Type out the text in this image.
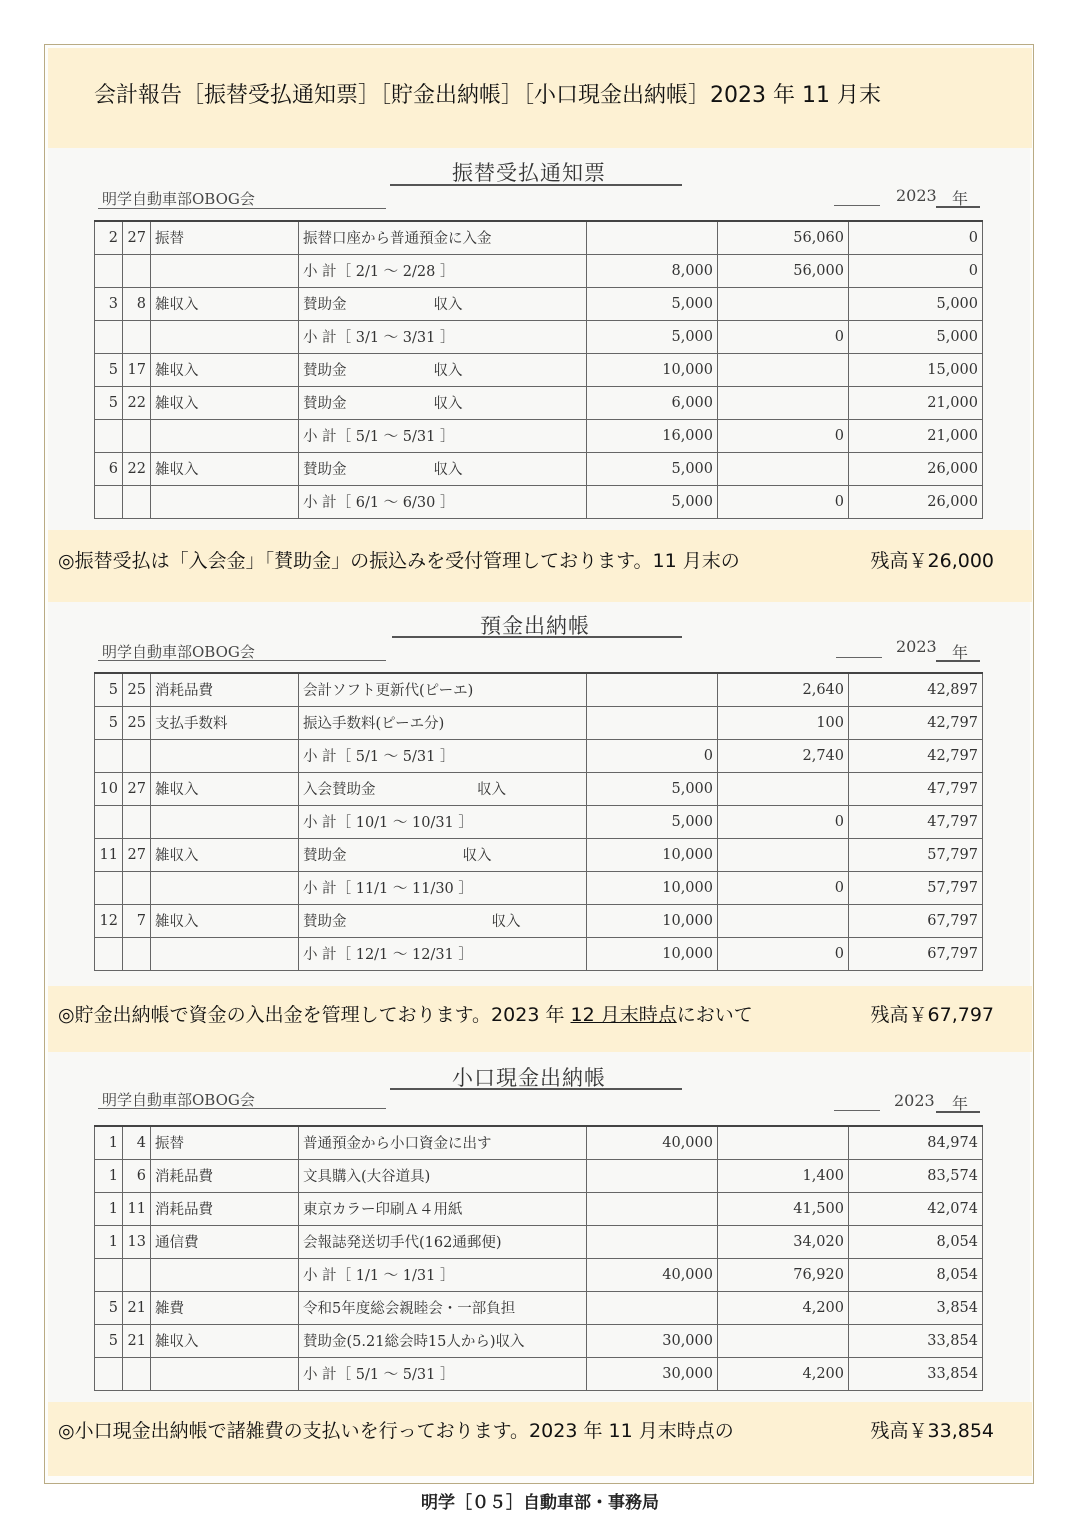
会計報告［振替受払通知票］［貯金出納帳］［小口現金出納帳］2023 年 11 月末
振替受払通知票
明学自動車部OBOG会	2023 年
2	27	振替	振替口座から普通預金に入金		56,060	0
			小 計［ 2/1 ～ 2/28 ］	8,000	56,000	0
3	8	雑収入	賛助金　　　　　　収入	5,000		5,000
			小 計［ 3/1 ～ 3/31 ］	5,000	0	5,000
5	17	雑収入	賛助金　　　　　　収入	10,000		15,000
5	22	雑収入	賛助金　　　　　　収入	6,000		21,000
			小 計［ 5/1 ～ 5/31 ］	16,000	0	21,000
6	22	雑収入	賛助金　　　　　　収入	5,000		26,000
			小 計［ 6/1 ～ 6/30 ］	5,000	0	26,000
◎振替受払は「入会金」「賛助金」の振込みを受付管理しております。11 月末の	残高￥26,000
預金出納帳
明学自動車部OBOG会	2023 年
5	25	消耗品費	会計ソフト更新代(ピーエ)		2,640	42,897
5	25	支払手数料	振込手数料(ピーエ分)		100	42,797
			小 計［ 5/1 ～ 5/31 ］	0	2,740	42,797
10	27	雑収入	入会賛助金　　　　　　　収入	5,000		47,797
			小 計［ 10/1 ～ 10/31 ］	5,000	0	47,797
11	27	雑収入	賛助金　　　　　　　　収入	10,000		57,797
			小 計［ 11/1 ～ 11/30 ］	10,000	0	57,797
12	7	雑収入	賛助金　　　　　　　　　　収入	10,000		67,797
			小 計［ 12/1 ～ 12/31 ］	10,000	0	67,797
◎貯金出納帳で資金の入出金を管理しております。2023 年 12 月末時点において	残高￥67,797
小口現金出納帳
明学自動車部OBOG会	2023 年
1	4	振替	普通預金から小口資金に出す	40,000		84,974
1	6	消耗品費	文具購入(大谷道具)		1,400	83,574
1	11	消耗品費	東京カラー印刷Ａ４用紙		41,500	42,074
1	13	通信費	会報誌発送切手代(162通郵便)		34,020	8,054
			小 計［ 1/1 ～ 1/31 ］	40,000	76,920	8,054
5	21	雑費	令和5年度総会親睦会・一部負担		4,200	3,854
5	21	雑収入	賛助金(5.21総会時15人から)収入	30,000		33,854
			小 計［ 5/1 ～ 5/31 ］	30,000	4,200	33,854
◎小口現金出納帳で諸雑費の支払いを行っております。2023 年 11 月末時点の	残高￥33,854
明学［０５］自動車部・事務局
